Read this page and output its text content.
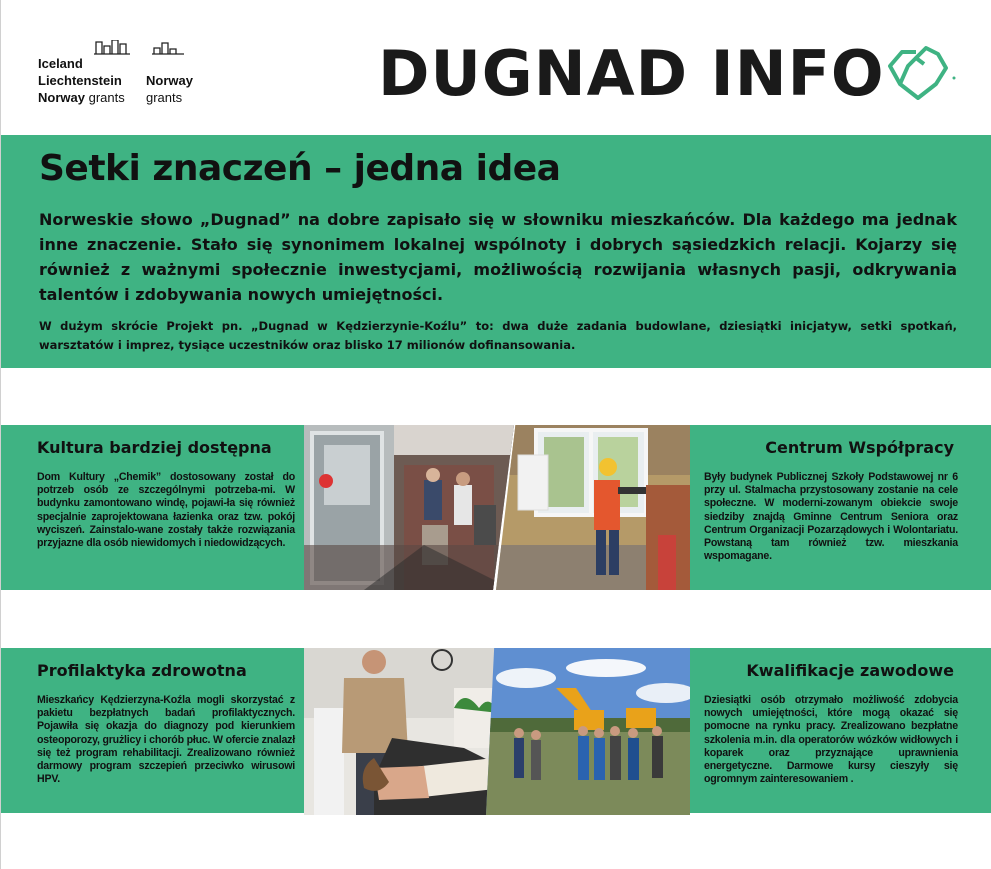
Iceland
Liechtenstein Norway
Norway grants grants	DUGNAD INFO
Setki znaczeń – jedna idea
Norweskie słowo „Dugnad” na dobre zapisało się w słowniku mieszkańców. Dla każdego ma jednak inne znaczenie. Stało się synonimem lokalnej wspólnoty i dobrych sąsiedzkich relacji. Kojarzy się również z ważnymi społecznie inwestycjami, możliwością rozwijania własnych pasji, odkrywania talentów i zdobywania nowych umiejętności.
W dużym skrócie Projekt pn. „Dugnad w Kędzierzynie-Koźlu” to: dwa duże zadania budowlane, dziesiątki inicjatyw, setki spotkań, warsztatów i imprez, tysiące uczestników oraz blisko 17 milionów dofinansowania.
Kultura bardziej dostępna

Dom Kultury „Chemik” dostosowany został do potrzeb osób ze szczególnymi potrzeba-mi. W budynku zamontowano windę, pojawi-ła się również specjalnie zaprojektowana łazienka oraz tzw. pokój wyciszeń. Zainstalo-wane zostały także rozwiązania przyjazne dla osób niewidomych i niedowidzących.

Centrum Współpracy

Były budynek Publicznej Szkoły Podstawowej nr 6 przy ul. Stalmacha przystosowany zostanie na cele społeczne. W moderni-zowanym obiekcie swoje siedziby znajdą Gminne Centrum Seniora oraz Centrum Organizacji Pozarządowych i Wolontariatu. Powstaną tam również tzw. mieszkania wspomagane.

Profilaktyka zdrowotna

Mieszkańcy Kędzierzyna-Koźla mogli skorzystać z pakietu bezpłatnych badań profilaktycznych. Pojawiła się okazja do diagnozy pod kierunkiem osteoporozy, grużlicy i chorób płuc. W ofercie znalazł się też program rehabilitacji. Zrealizowano również darmowy program szczepień przeciwko wirusowi HPV.

Kwalifikacje zawodowe

Dziesiątki osób otrzymało możliwość zdobycia nowych umiejętności, które mogą okazać się pomocne na rynku pracy. Zrealizowano bezpłatne szkolenia m.in. dla operatorów wózków widłowych i koparek oraz przyznające uprawnienia energetyczne. Darmowe kursy cieszyły się ogromnym zainteresowaniem .
